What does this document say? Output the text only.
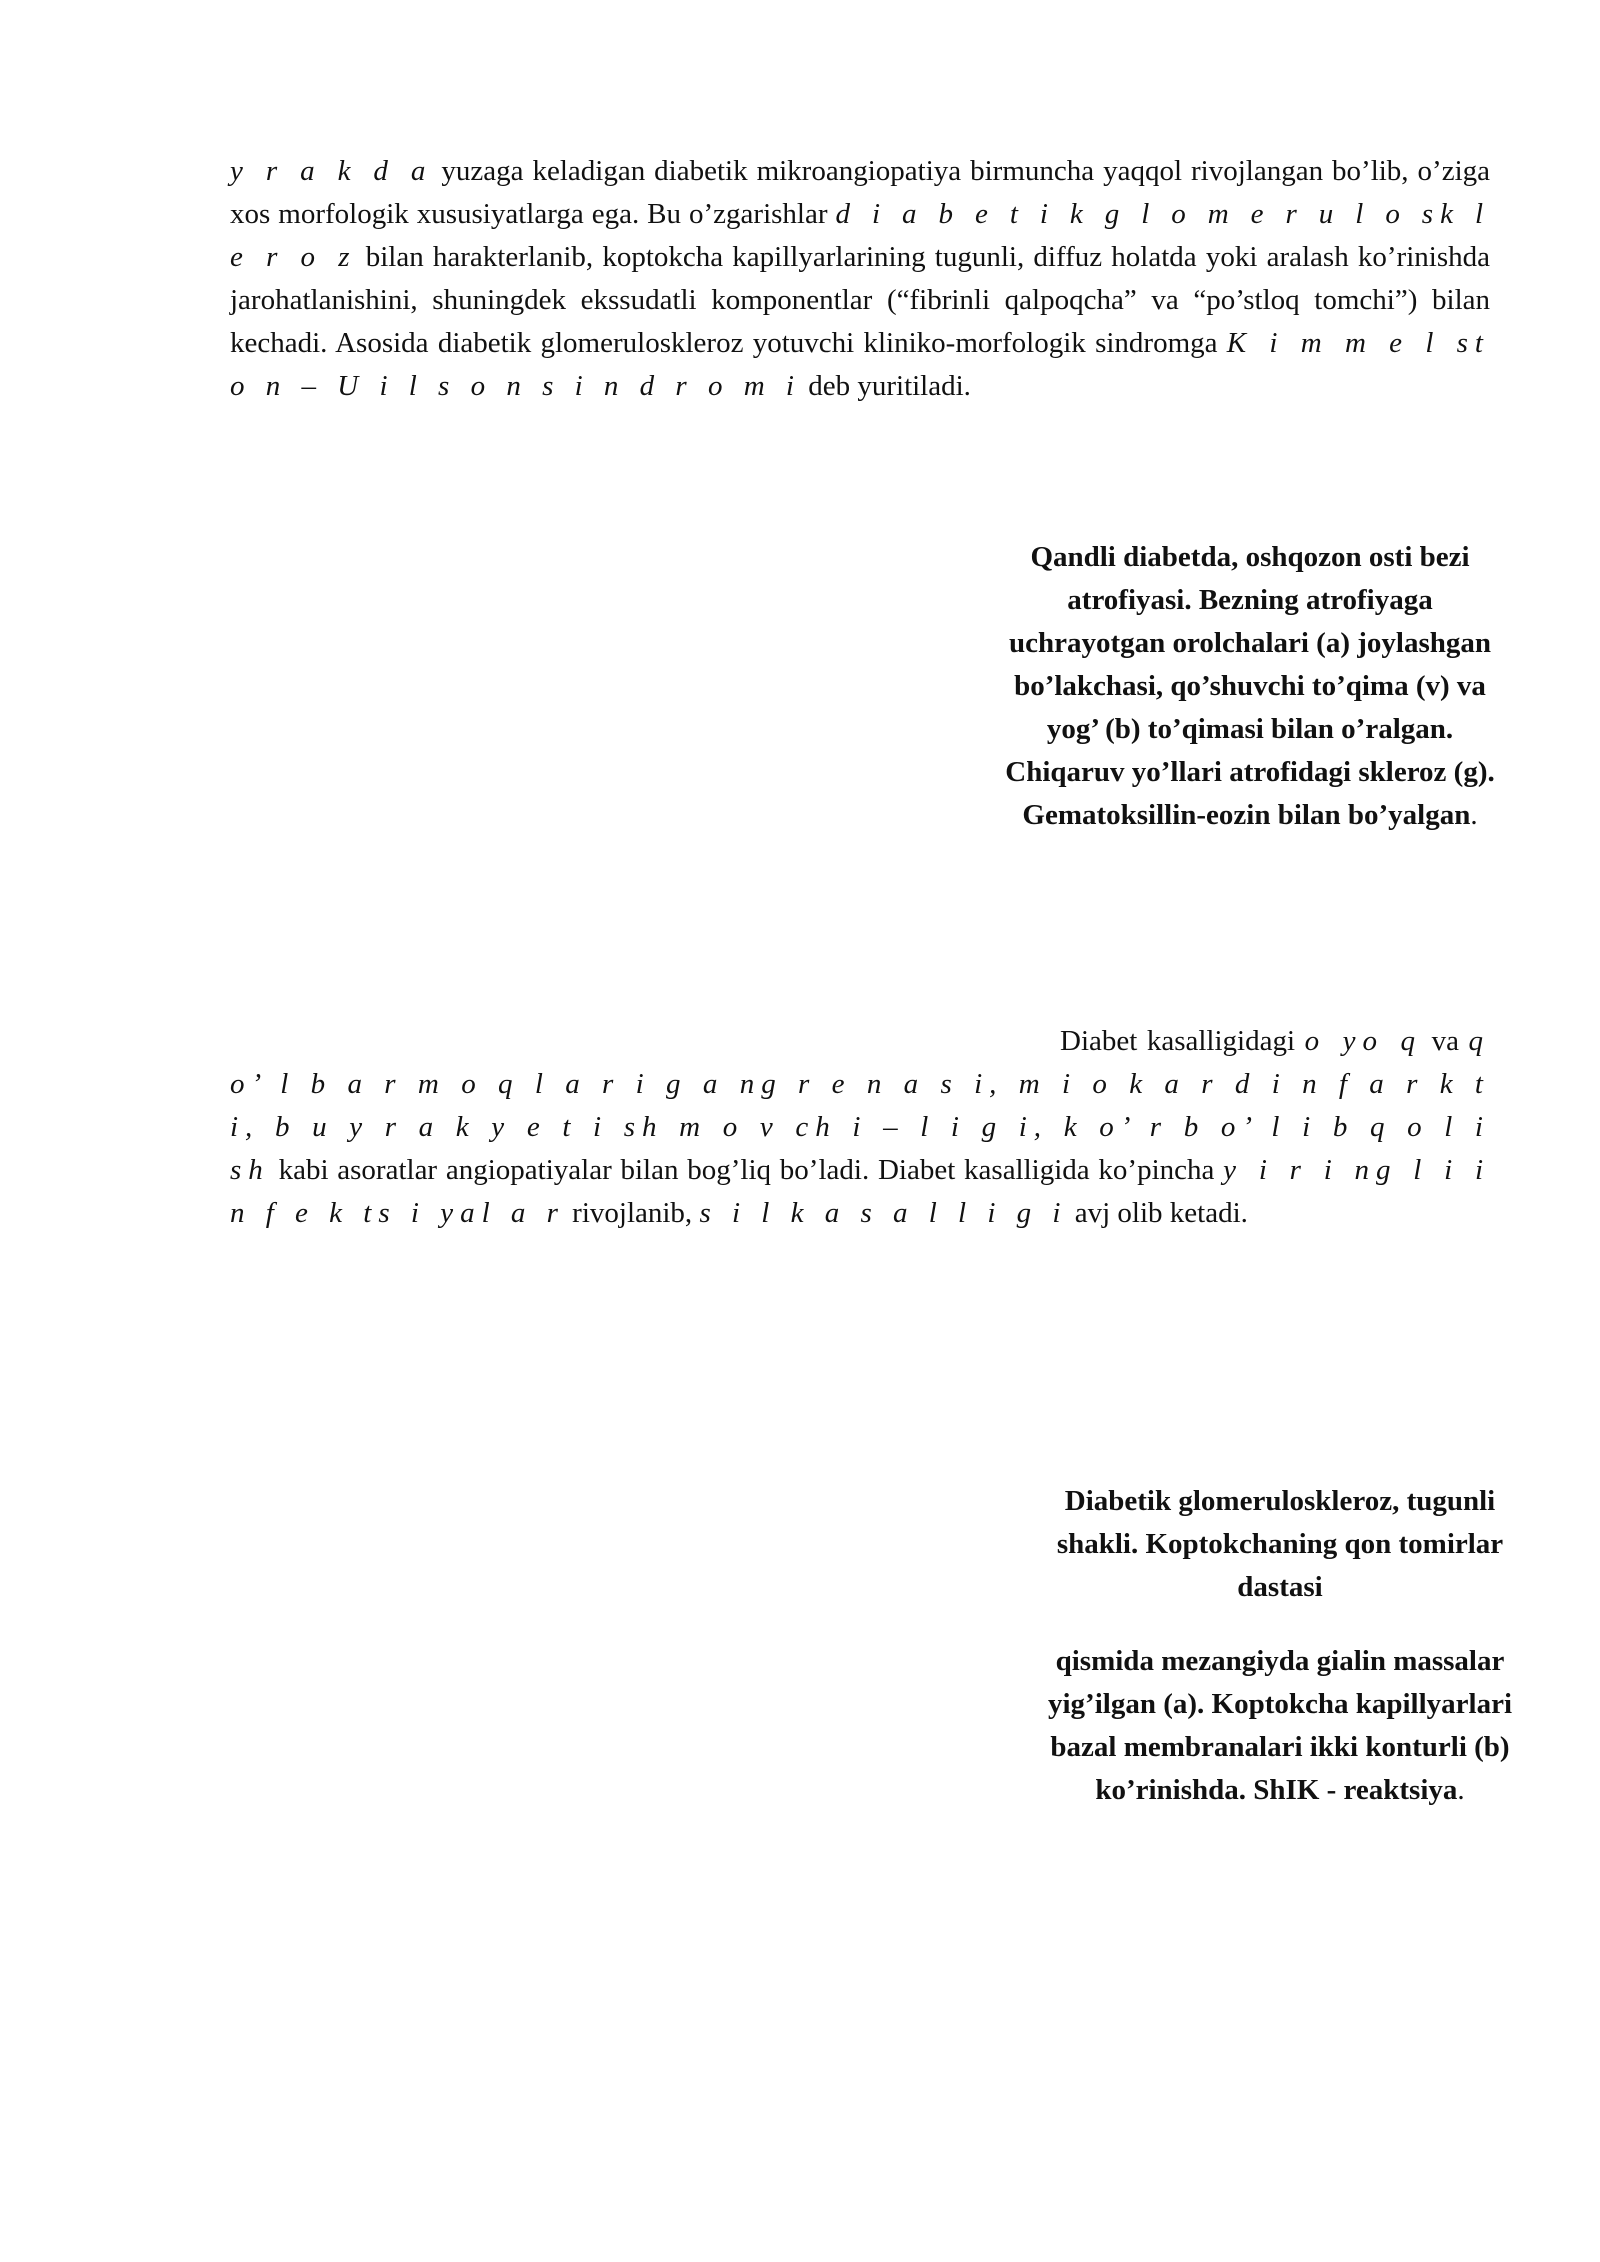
y r a k d a yuzaga keladigan diabetik mikroangiopatiya birmuncha yaqqol rivojlangan bo’lib, o’ziga xos morfologik xususiyatlarga ega. Bu o’zgarishlar d i a b e t i k g l o m e r u l o sk l e r o z bilan harakterlanib, koptokcha kapillyarlarining tugunli, diffuz holatda yoki aralash ko’rinishda jarohatlanishini, shuningdek ekssudatli komponentlar (“fibrinli qalpoqcha” va “po’stloq tomchi”) bilan kechadi. Asosida diabetik glomeruloskleroz yotuvchi kliniko-morfologik sindromga K i m m e l st o n – U i l s o n s i n d r o m i deb yuritiladi.

Qandli diabetda, oshqozon osti bezi atrofiyasi. Bezning atrofiyaga uchrayotgan orolchalari (a) joylashgan bo’lakchasi, qo’shuvchi to’qima (v) va yog’ (b) to’qimasi bilan o’ralgan. Chiqaruv yo’llari atrofidagi skleroz (g). Gematoksillin-eozin bilan bo’yalgan.

Diabet kasalligidagi o yo q va q o’ l b a r m o q l a r i g a ng r e n a s i, m i o k a r d i n f a r k t i, b u y r a k y e t i sh m o v ch i – l i g i, k o’ r b o’ l i b q o l i sh kabi asoratlar angiopatiyalar bilan bog’liq bo’ladi. Diabet kasalligida ko’pincha y i r i ng l i i n f e k ts i yal a r rivojlanib, s i l k a s a l l i g i avj olib ketadi.

Diabetik glomeruloskleroz, tugunli shakli. Koptokchaning qon tomirlar dastasi

qismida mezangiyda gialin massalar yig’ilgan (a). Koptokcha kapillyarlari bazal membranalari ikki konturli (b) ko’rinishda. ShIK - reaktsiya.
